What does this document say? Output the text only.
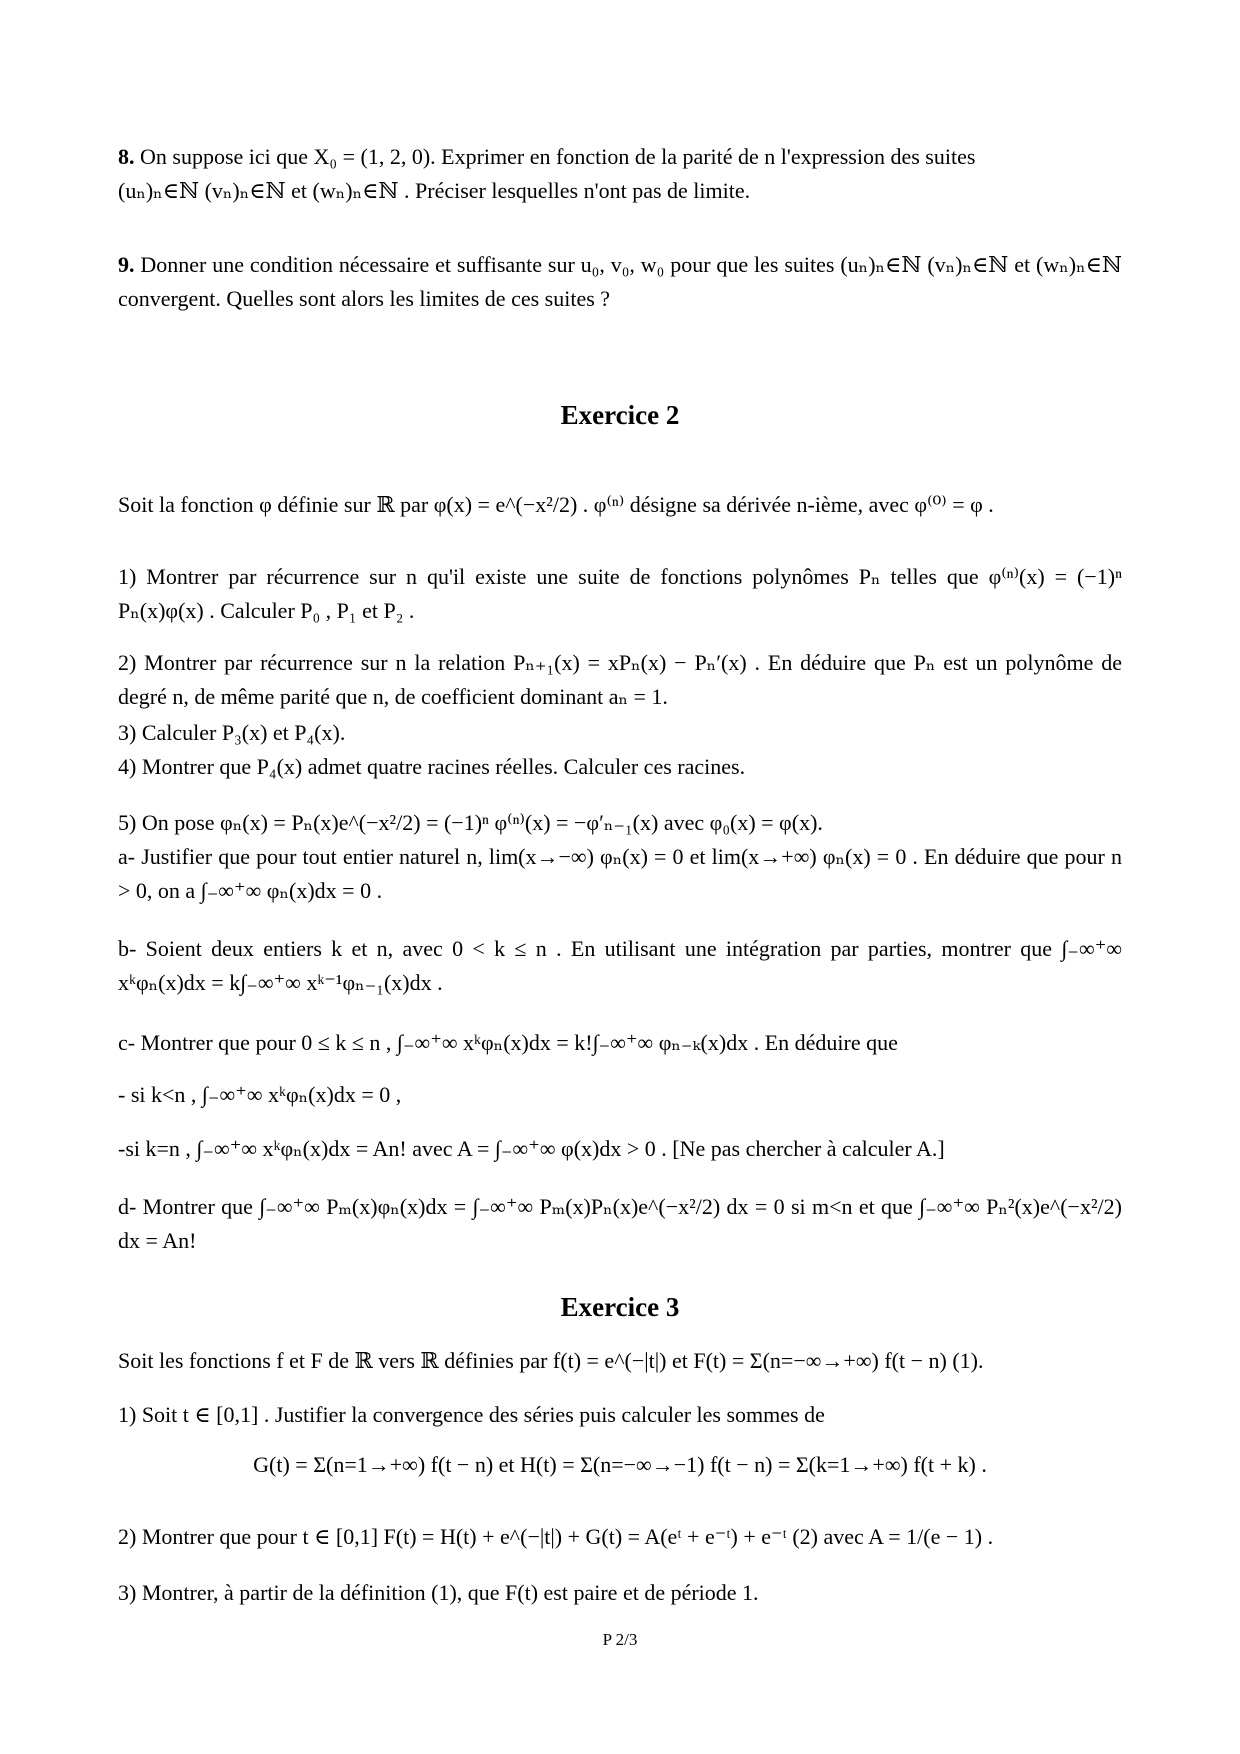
8. On suppose ici que X₀ = (1, 2, 0). Exprimer en fonction de la parité de n l'expression des suites

(uₙ)ₙ∈ℕ (vₙ)ₙ∈ℕ et (wₙ)ₙ∈ℕ . Préciser lesquelles n'ont pas de limite.

9. Donner une condition nécessaire et suffisante sur u₀, v₀, w₀ pour que les suites (uₙ)ₙ∈ℕ (vₙ)ₙ∈ℕ et (wₙ)ₙ∈ℕ convergent. Quelles sont alors les limites de ces suites ?

Exercice 2

Soit la fonction φ définie sur ℝ par φ(x) = e^(−x²/2) . φ⁽ⁿ⁾ désigne sa dérivée n-ième, avec φ⁽⁰⁾ = φ .

1) Montrer par récurrence sur n qu'il existe une suite de fonctions polynômes Pₙ telles que φ⁽ⁿ⁾(x) = (−1)ⁿ Pₙ(x)φ(x) . Calculer P₀ , P₁ et P₂ .

2) Montrer par récurrence sur n la relation Pₙ₊₁(x) = xPₙ(x) − Pₙ′(x) . En déduire que Pₙ est un polynôme de degré n, de même parité que n, de coefficient dominant aₙ = 1.

3) Calculer P₃(x) et P₄(x).

4) Montrer que P₄(x) admet quatre racines réelles. Calculer ces racines.

5) On pose φₙ(x) = Pₙ(x)e^(−x²/2) = (−1)ⁿ φ⁽ⁿ⁾(x) = −φ′ₙ₋₁(x) avec φ₀(x) = φ(x).

a- Justifier que pour tout entier naturel n, lim(x→−∞) φₙ(x) = 0 et lim(x→+∞) φₙ(x) = 0 . En déduire que pour n > 0, on a ∫₋∞⁺∞ φₙ(x)dx = 0 .

b- Soient deux entiers k et n, avec 0 < k ≤ n . En utilisant une intégration par parties, montrer que ∫₋∞⁺∞ xᵏφₙ(x)dx = k∫₋∞⁺∞ xᵏ⁻¹φₙ₋₁(x)dx .

c- Montrer que pour 0 ≤ k ≤ n , ∫₋∞⁺∞ xᵏφₙ(x)dx = k!∫₋∞⁺∞ φₙ₋ₖ(x)dx . En déduire que

- si k<n , ∫₋∞⁺∞ xᵏφₙ(x)dx = 0 ,

-si k=n , ∫₋∞⁺∞ xᵏφₙ(x)dx = An! avec A = ∫₋∞⁺∞ φ(x)dx > 0 . [Ne pas chercher à calculer A.]

d- Montrer que ∫₋∞⁺∞ Pₘ(x)φₙ(x)dx = ∫₋∞⁺∞ Pₘ(x)Pₙ(x)e^(−x²/2) dx = 0 si m<n et que ∫₋∞⁺∞ Pₙ²(x)e^(−x²/2) dx = An!

Exercice 3

Soit les fonctions f et F de ℝ vers ℝ définies par f(t) = e^(−|t|) et F(t) = Σ(n=−∞→+∞) f(t − n) (1).

1) Soit t ∈ [0,1] . Justifier la convergence des séries puis calculer les sommes de

G(t) = Σ(n=1→+∞) f(t − n) et H(t) = Σ(n=−∞→−1) f(t − n) = Σ(k=1→+∞) f(t + k) .

2) Montrer que pour t ∈ [0,1] F(t) = H(t) + e^(−|t|) + G(t) = A(eᵗ + e⁻ᵗ) + e⁻ᵗ (2) avec A = 1/(e − 1) .

3) Montrer, à partir de la définition (1), que F(t) est paire et de période 1.

P 2/3
